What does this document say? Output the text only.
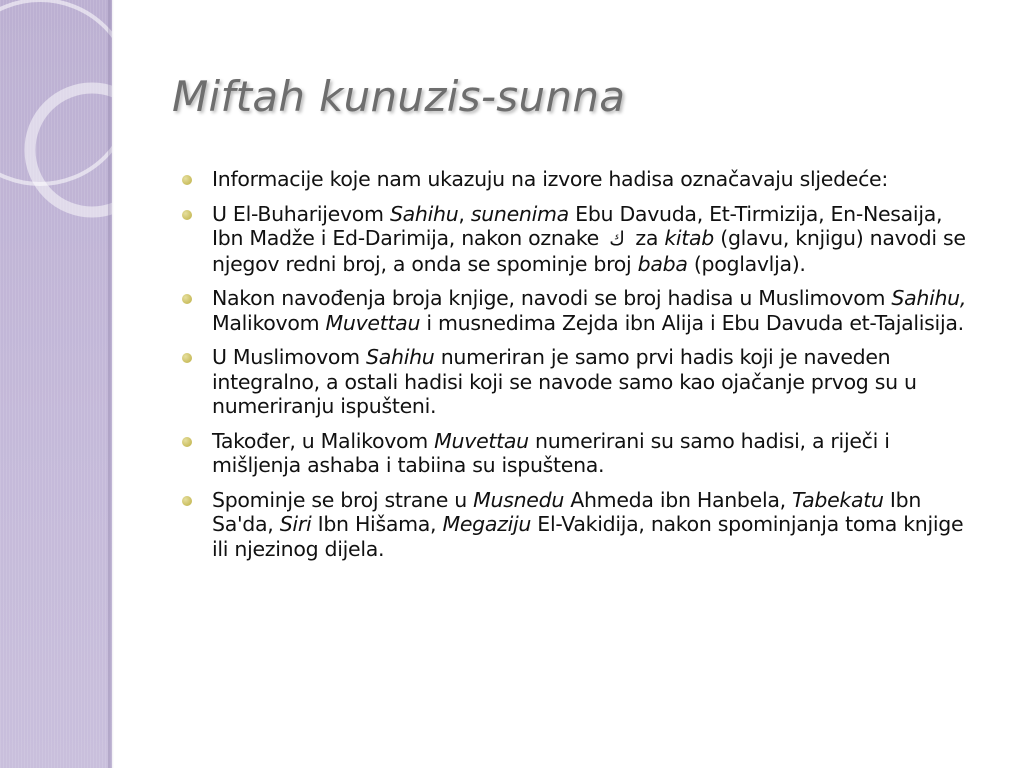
Miftah kunuzis-sunna
Informacije koje nam ukazuju na izvore hadisa označavaju sljedeće:
U El-Buharijevom Sahihu, sunenima Ebu Davuda, Et-Tirmizija, En-Nesaija, Ibn Madže i Ed-Darimija, nakon oznake ك za kitab (glavu, knjigu) navodi se njegov redni broj, a onda se spominje broj baba (poglavlja).
Nakon navođenja broja knjige, navodi se broj hadisa u Muslimovom Sahihu, Malikovom Muvettau i musnedima Zejda ibn Alija i Ebu Davuda et-Tajalisija.
U Muslimovom Sahihu numeriran je samo prvi hadis koji je naveden integralno, a ostali hadisi koji se navode samo kao ojačanje prvog su u numeriranju ispušteni.
Također, u Malikovom Muvettau numerirani su samo hadisi, a riječi i mišljenja ashaba i tabiina su ispuštena.
Spominje se broj strane u Musnedu Ahmeda ibn Hanbela, Tabekatu Ibn Sa'da, Siri Ibn Hišama, Megaziju El-Vakidija, nakon spominjanja toma knjige ili njezinog dijela.
